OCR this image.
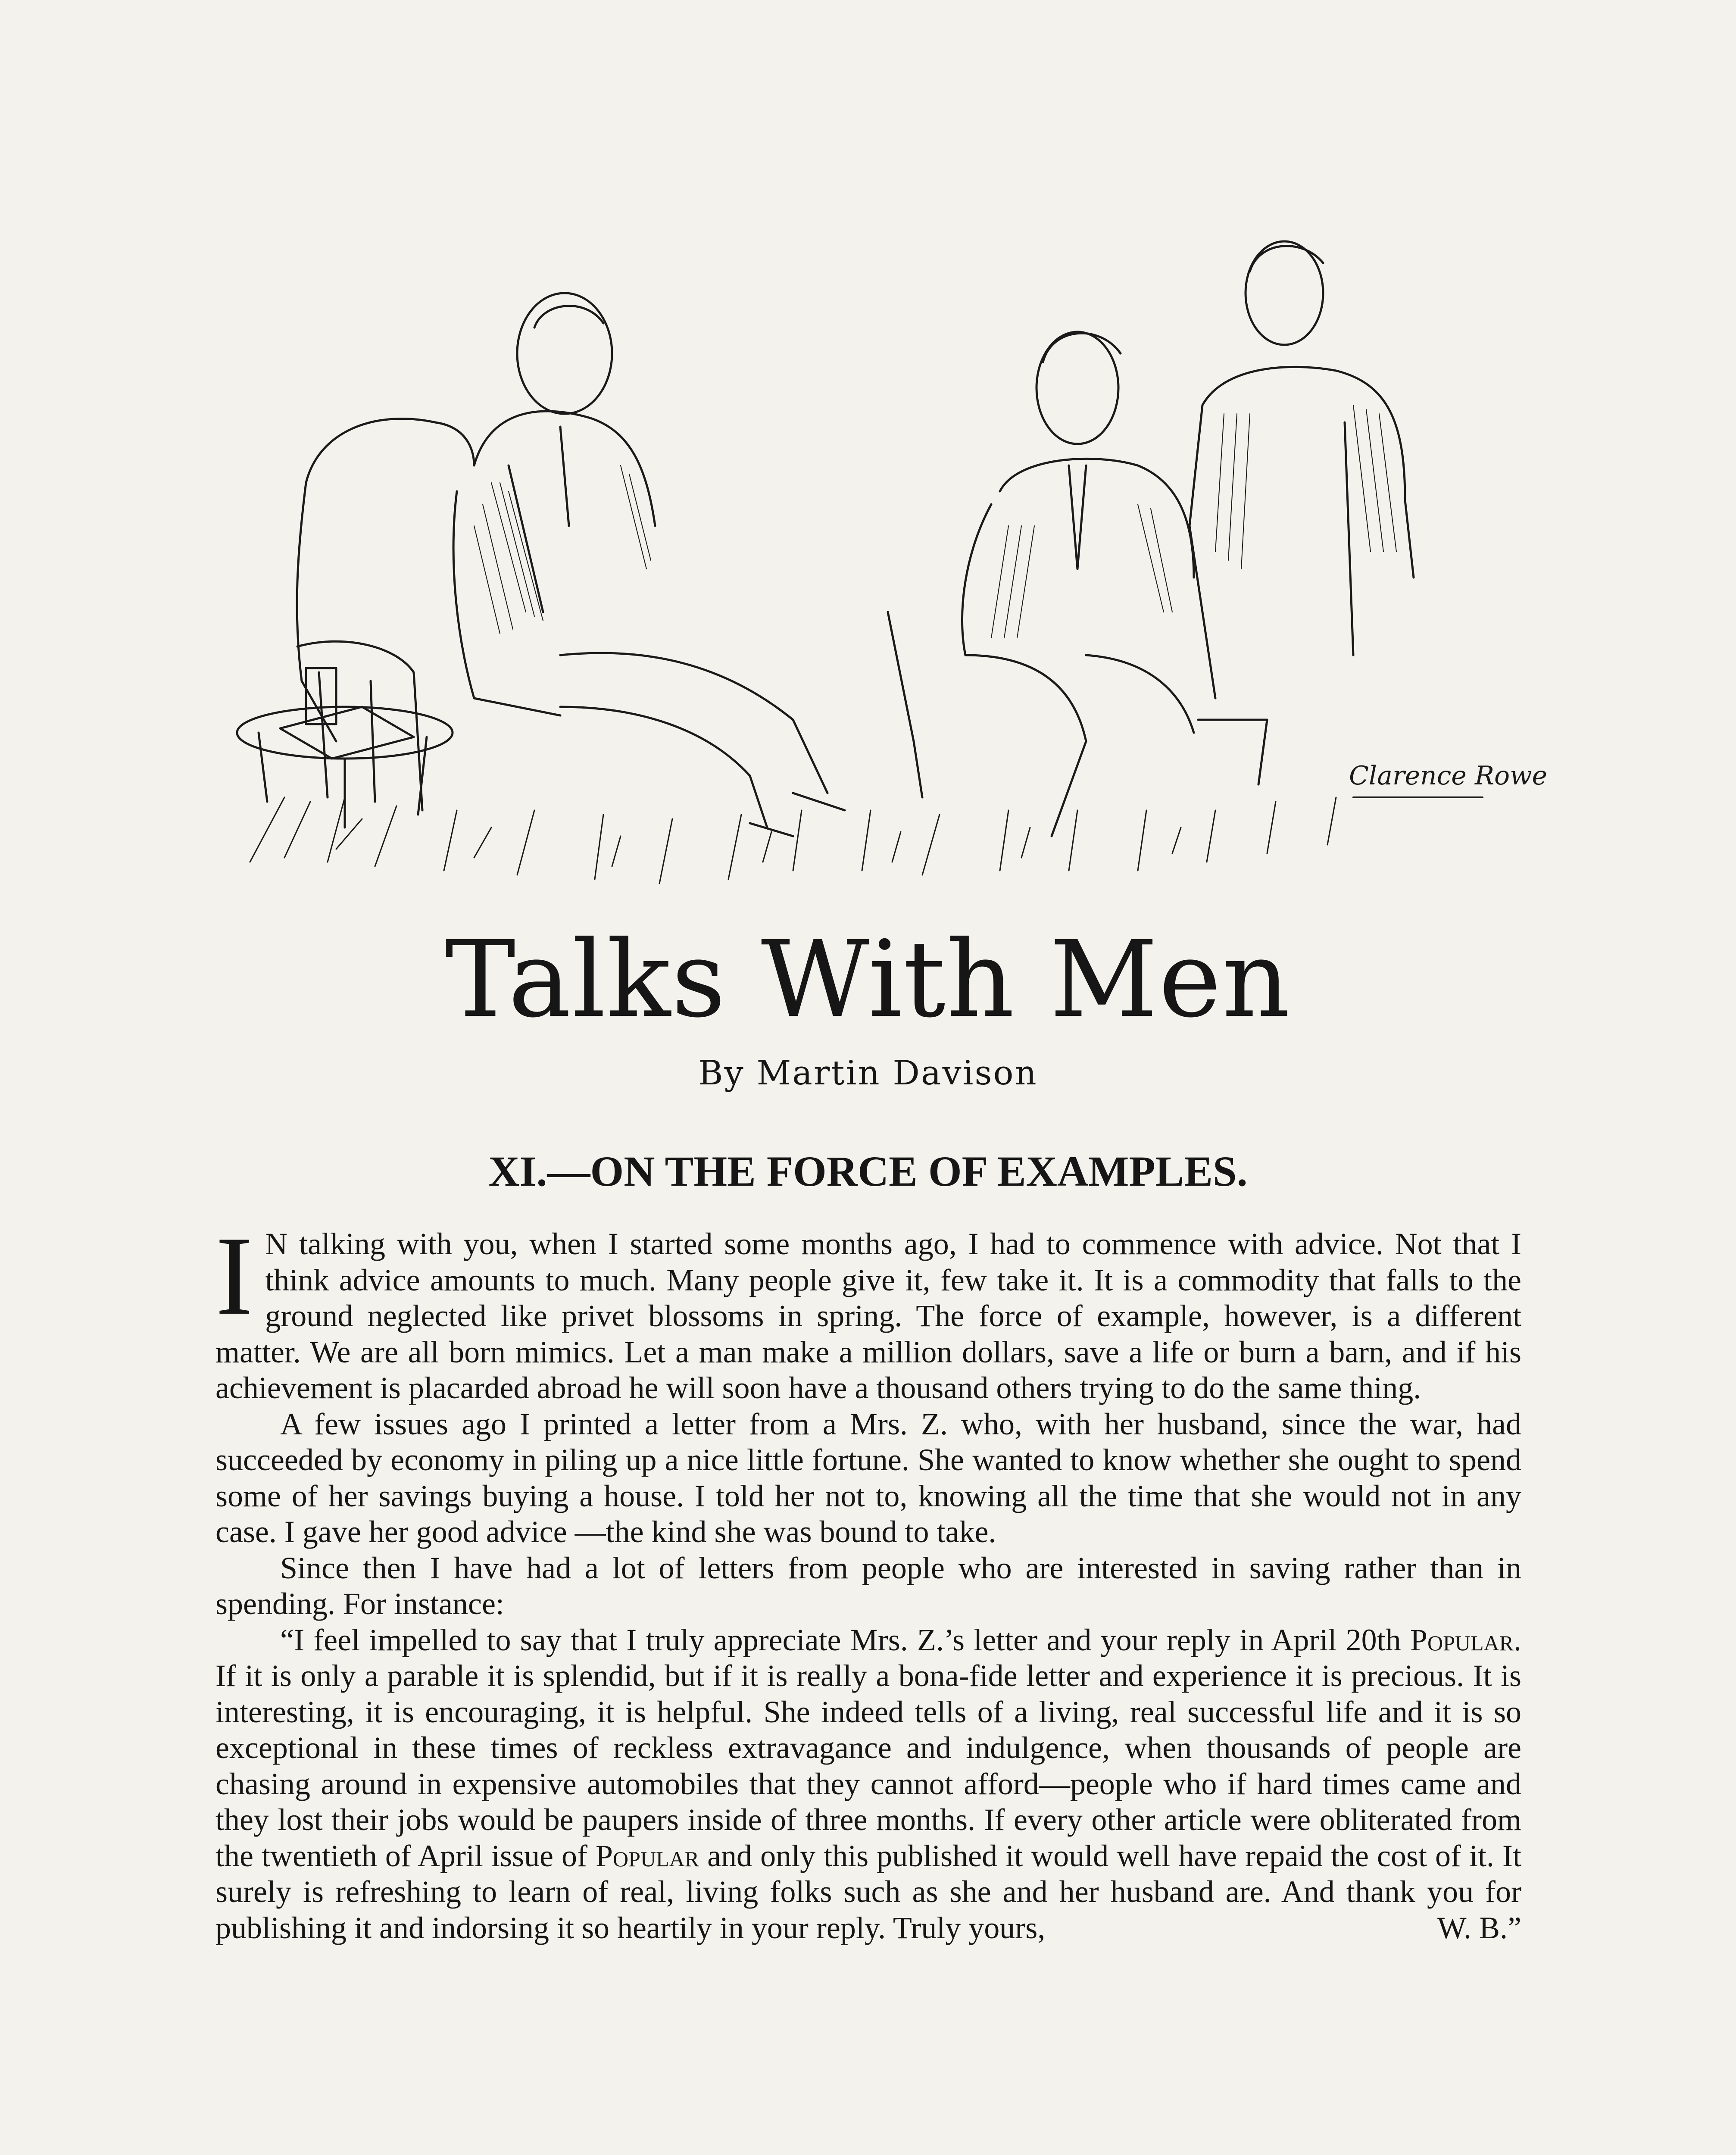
Clarence Rowe
Talks With Men

By Martin Davison

XI.—ON THE FORCE OF EXAMPLES.

I N talking with you, when I started some months ago, I had to commence with advice. Not that I think advice amounts to much. Many people give it, few take it. It is a commodity that falls to the ground neglected like privet blossoms in spring. The force of example, however, is a different matter. We are all born mimics. Let a man make a million dollars, save a life or burn a barn, and if his achievement is placarded abroad he will soon have a thousand others trying to do the same thing.

A few issues ago I printed a letter from a Mrs. Z. who, with her husband, since the war, had succeeded by economy in piling up a nice little fortune. She wanted to know whether she ought to spend some of her savings buying a house. I told her not to, knowing all the time that she would not in any case. I gave her good advice —the kind she was bound to take.

Since then I have had a lot of letters from people who are interested in saving rather than in spending. For instance:

“I feel impelled to say that I truly appreciate Mrs. Z.’s letter and your reply in April 20th Popular. If it is only a parable it is splendid, but if it is really a bona-fide letter and experience it is precious. It is interesting, it is encouraging, it is helpful. She indeed tells of a living, real successful life and it is so exceptional in these times of reckless extravagance and indulgence, when thousands of people are chasing around in expensive automobiles that they cannot afford—people who if hard times came and they lost their jobs would be paupers inside of three months. If every other article were obliterated from the twentieth of April issue of Popular and only this published it would well have repaid the cost of it. It surely is refreshing to learn of real, living folks such as she and her husband are. And thank you for publishing it and indorsing it so heartily in your reply. Truly yours,	W. B.”
